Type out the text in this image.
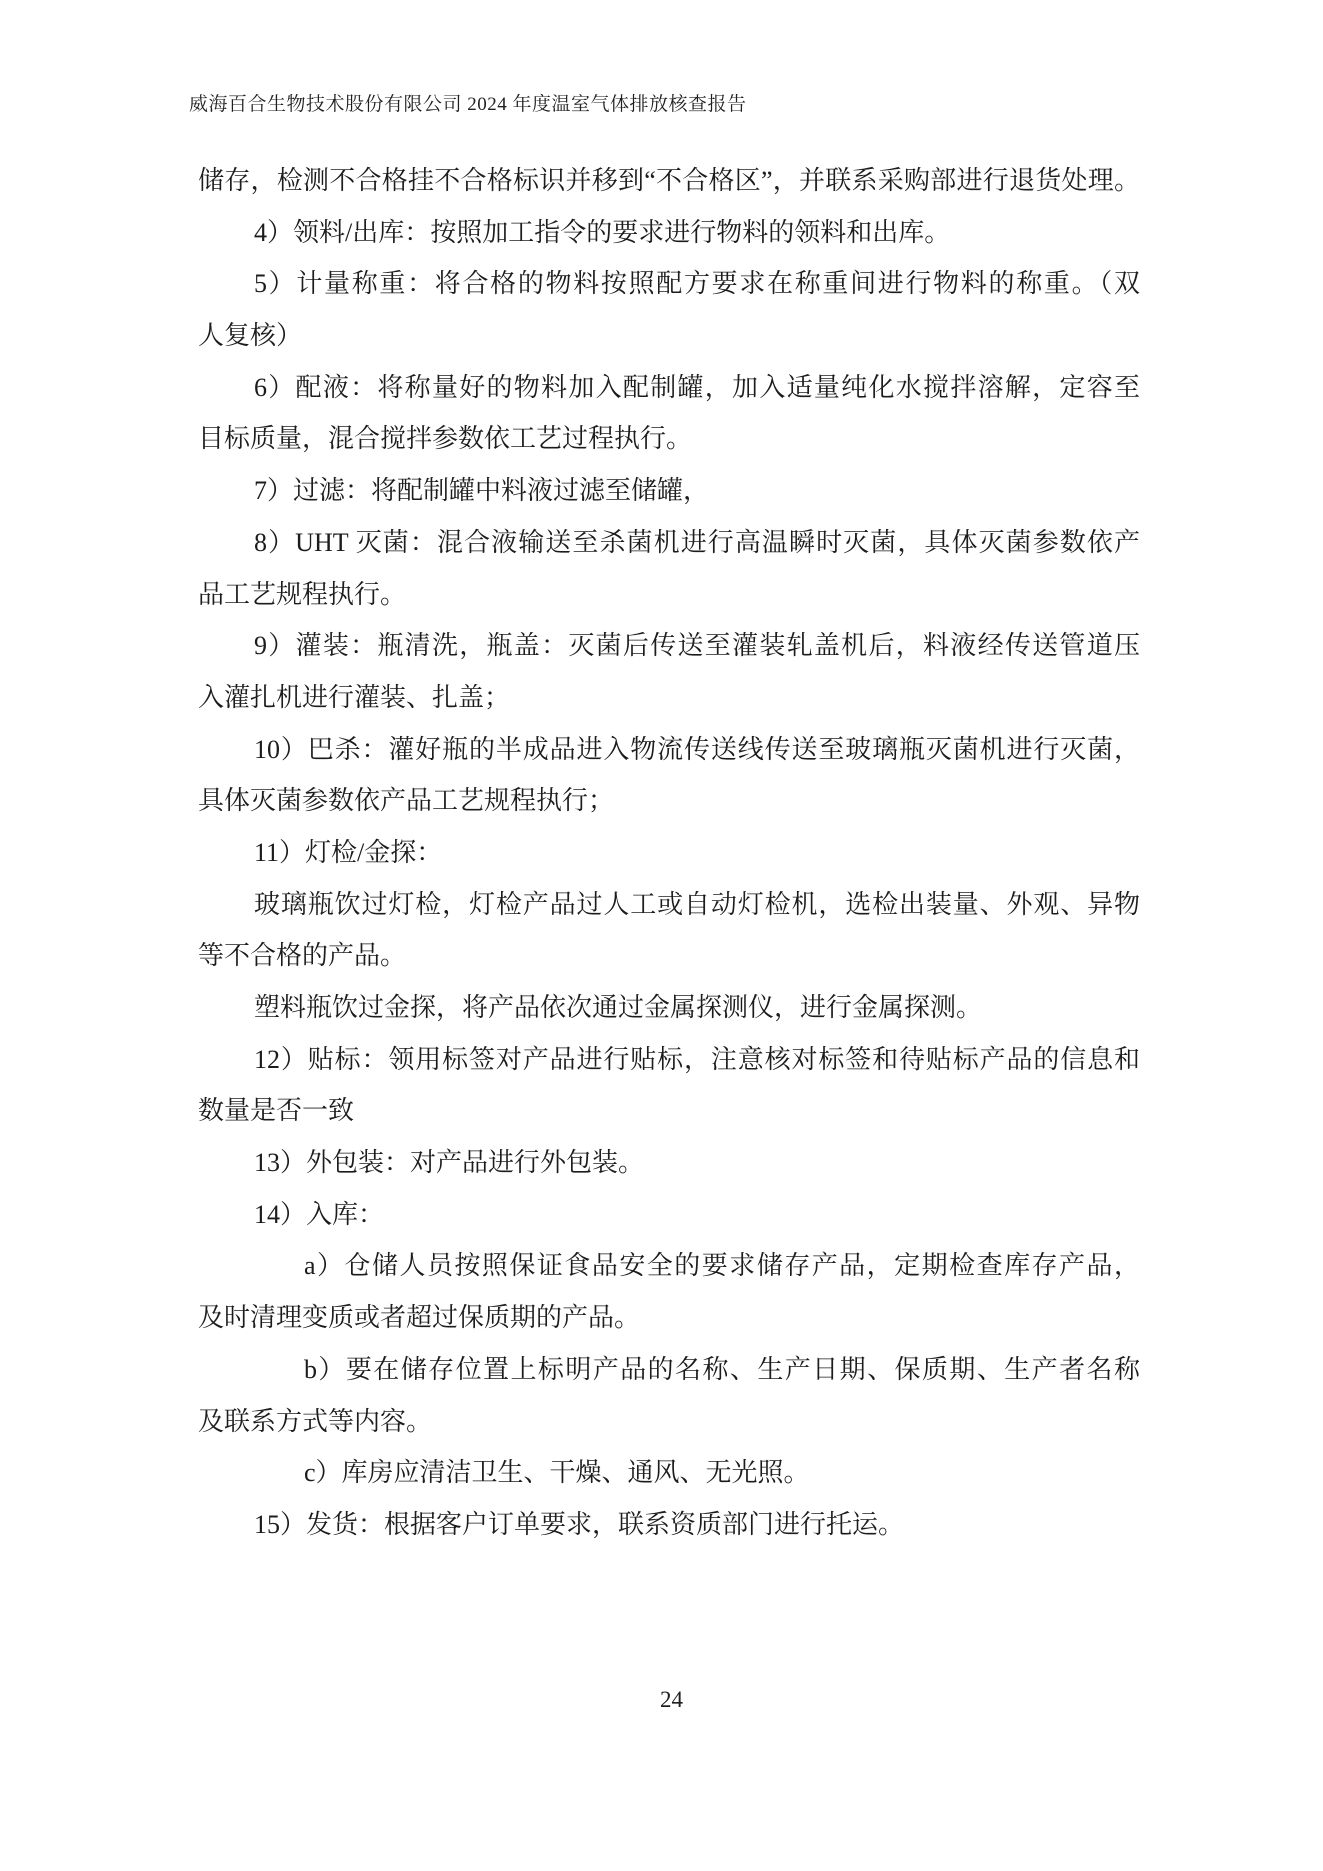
威海百合生物技术股份有限公司 2024 年度温室气体排放核查报告
储存，检测不合格挂不合格标识并移到“不合格区”，并联系采购部进行退货处理。
4）领料/出库：按照加工指令的要求进行物料的领料和出库。
5）计量称重：将合格的物料按照配方要求在称重间进行物料的称重。（双
人复核）
6）配液：将称量好的物料加入配制罐，加入适量纯化水搅拌溶解，定容至
目标质量，混合搅拌参数依工艺过程执行。
7）过滤：将配制罐中料液过滤至储罐，
8）UHT 灭菌：混合液输送至杀菌机进行高温瞬时灭菌，具体灭菌参数依产
品工艺规程执行。
9）灌装：瓶清洗，瓶盖：灭菌后传送至灌装轧盖机后，料液经传送管道压
入灌扎机进行灌装、扎盖；
10）巴杀：灌好瓶的半成品进入物流传送线传送至玻璃瓶灭菌机进行灭菌，
具体灭菌参数依产品工艺规程执行；
11）灯检/金探：
玻璃瓶饮过灯检，灯检产品过人工或自动灯检机，选检出装量、外观、异物
等不合格的产品。
塑料瓶饮过金探，将产品依次通过金属探测仪，进行金属探测。
12）贴标：领用标签对产品进行贴标，注意核对标签和待贴标产品的信息和
数量是否一致
13）外包装：对产品进行外包装。
14）入库：
a）仓储人员按照保证食品安全的要求储存产品，定期检查库存产品，
及时清理变质或者超过保质期的产品。
b）要在储存位置上标明产品的名称、生产日期、保质期、生产者名称
及联系方式等内容。
c）库房应清洁卫生、干燥、通风、无光照。
15）发货：根据客户订单要求，联系资质部门进行托运。
24
